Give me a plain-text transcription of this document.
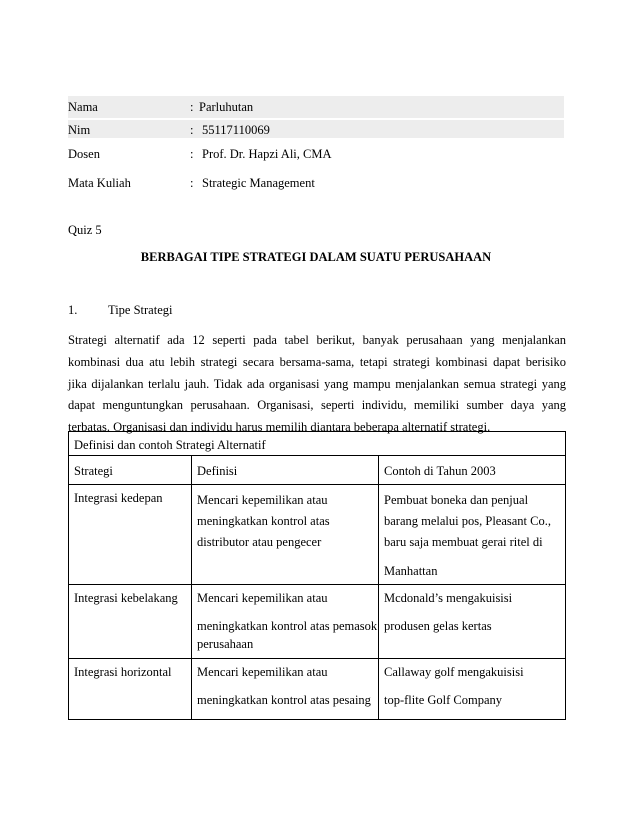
Nama	: Parluhutan
Nim	: 55117110069
Dosen	: Prof. Dr. Hapzi Ali, CMA
Mata Kuliah	: Strategic Management
Quiz 5
BERBAGAI TIPE STRATEGI DALAM SUATU PERUSAHAAN
1. Tipe Strategi
Strategi alternatif ada 12 seperti pada tabel berikut, banyak perusahaan yang menjalankan
kombinasi dua atu lebih strategi secara bersama-sama, tetapi strategi kombinasi dapat berisiko
jika dijalankan terlalu jauh. Tidak ada organisasi yang mampu menjalankan semua strategi yang
dapat menguntungkan perusahaan. Organisasi, seperti individu, memiliki sumber daya yang
terbatas. Organisasi dan individu harus memilih diantara beberapa alternatif strategi.
Definisi dan contoh Strategi Alternatif		
Strategi	Definisi	Contoh di Tahun 2003
Integrasi kedepan	Mencari kepemilikan atau
meningkatkan kontrol atas
distributor atau pengecer	Pembuat boneka dan penjual
barang melalui pos, Pleasant Co.,
baru saja membuat gerai ritel di
Manhattan

Integrasi kebelakang	Mencari kepemilikan atau
meningkatkan kontrol atas pemasok
perusahaan	Mcdonald’s mengakuisisi
produsen gelas kertas

Integrasi horizontal	Mencari kepemilikan atau
meningkatkan kontrol atas pesaing	Callaway golf mengakuisisi
top-flite Golf Company
